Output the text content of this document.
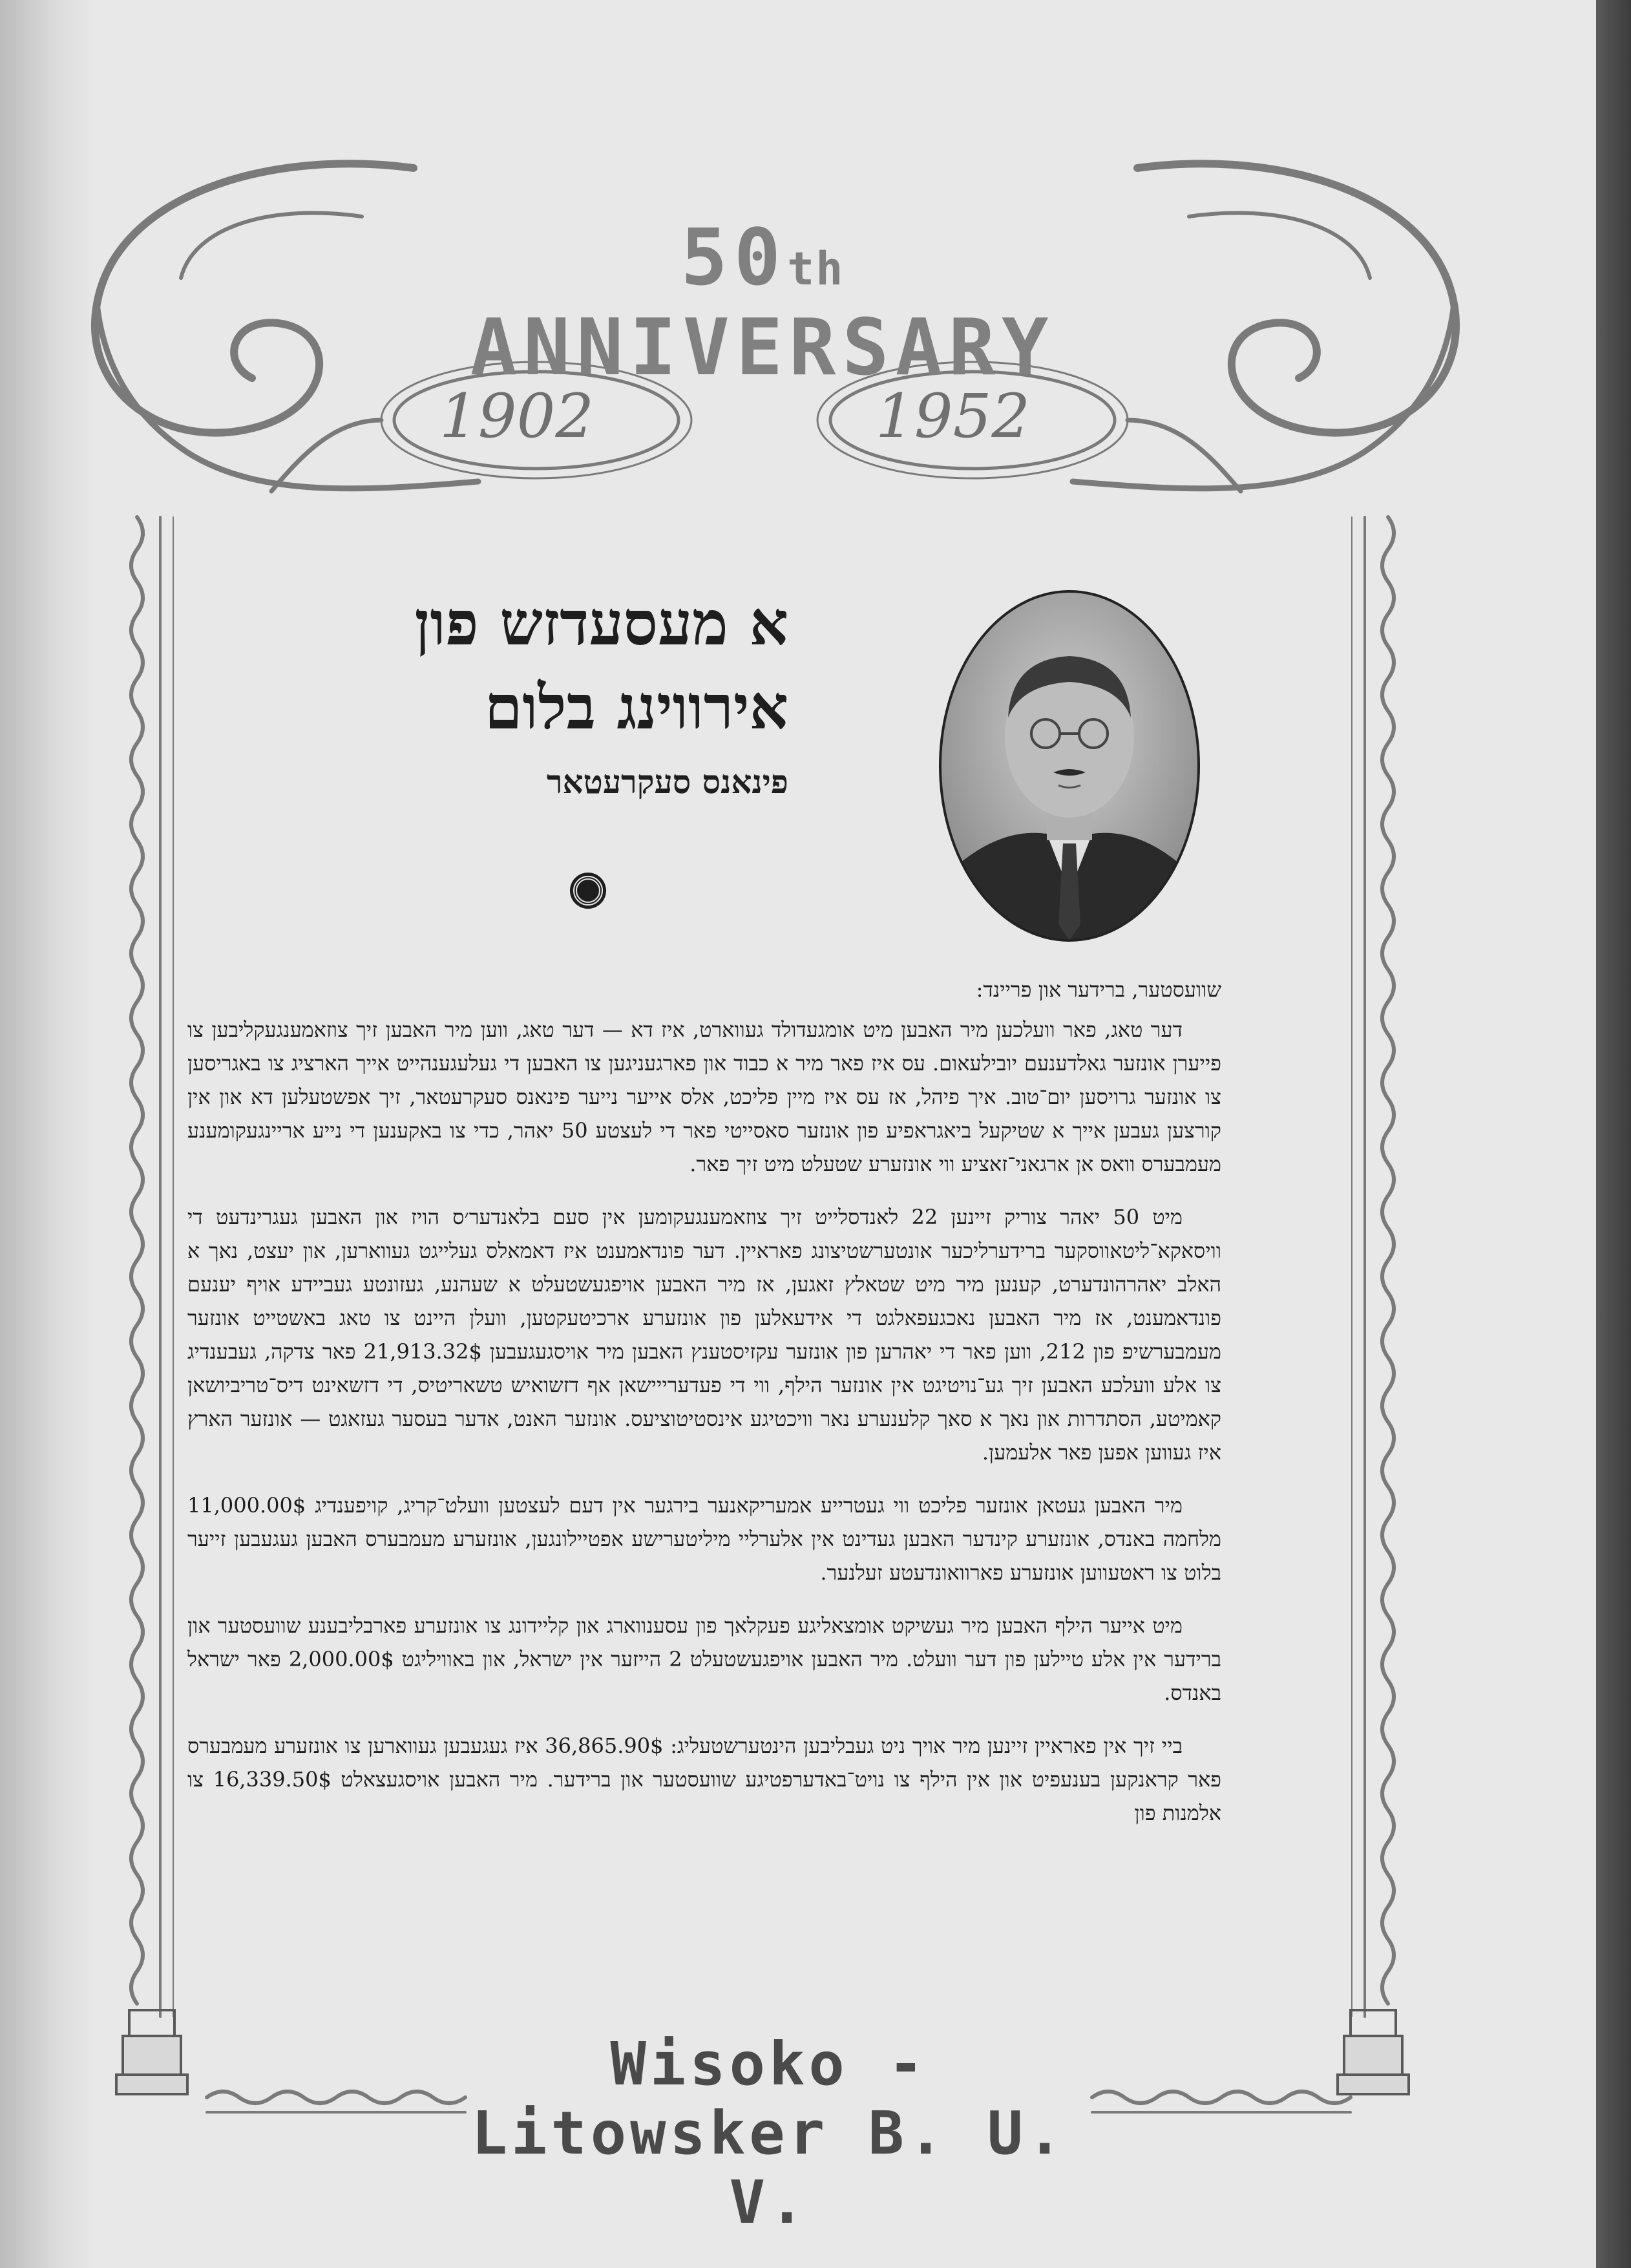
50th ANNIVERSARY
1902	1952
א מעסעדזש פון
אירווינג בלום
פינאנס סעקרעטאר

שוועסטער, ברידער און פריינד:

דער טאג, פאר וועלכען מיר האבען מיט אומגעדולד געווארט, איז דא — דער טאג, ווען מיר האבען זיך צוזאמענגעקליבען צו פייערן אונזער גאלדענעם יובילעאום. עס איז פאר מיר א כבוד און פארגעניגען צו האבען די געלעגענהייט אייך הארציג צו באגריסען צו אונזער גרויסען יום־טוב. איך פיהל, אז עס איז מיין פליכט, אלס אייער נייער פינאנס סעקרעטאר, זיך אפשטעלען דא און אין קורצען געבען אייך א שטיקעל ביאגראפיע פון אונזער סאסייטי פאר די לעצטע 50 יאהר, כדי צו באקענען די נייע אריינגעקומענע מעמבערס וואס אן ארגאני־זאציע ווי אונזערע שטעלט מיט זיך פאר.

מיט 50 יאהר צוריק זיינען 22 לאנדסלייט זיך צוזאמענגעקומען אין סעם בלאנדער׳ס הויז און האבען געגרינדעט די וויסאקא־ליטאווסקער ברידערליכער אונטערשטיצונג פאראיין. דער פונדאמענט איז דאמאלס געלייגט געווארען, און יעצט, נאך א האלב יאהרהונדערט, קענען מיר מיט שטאלץ זאגען, אז מיר האבען אויפגעשטעלט א שעהנע, געזונטע געביידע אויף יענעם פונדאמענט, אז מיר האבען נאכגעפאלגט די אידעאלען פון אונזערע ארכיטעקטען, וועלן היינט צו טאג באשטייט אונזער מעמבערשיפ פון 212, ווען פאר די יאהרען פון אונזער עקזיסטענץ האבען מיר אויסגעגעבען 21,913.32$ פאר צדקה, געבענדיג צו אלע וועלכע האבען זיך גע־נויטיגט אין אונזער הילף, ווי די פעדערייישאן אף דזשואיש טשאריטיס, די דזשאינט דיס־טריביושאן קאמיטע, הסתדרות און נאך א סאך קלענערע נאר וויכטיגע אינסטיטוציעס. אונזער האנט, אדער בעסער געזאגט — אונזער הארץ איז געווען אפען פאר אלעמען.

מיר האבען געטאן אונזער פליכט ווי געטרייע אמעריקאנער בירגער אין דעם לעצטען וועלט־קריג, קויפענדיג 11,000.00$ מלחמה באנדס, אונזערע קינדער האבען געדינט אין אלערליי מיליטערישע אפטיילונגען, אונזערע מעמבערס האבען געגעבען זייער בלוט צו ראטעווען אונזערע פארוואונדעטע זעלנער.

מיט אייער הילף האבען מיר געשיקט אומצאליגע פעקלאך פון עסענווארג און קליידונג צו אונזערע פארבליבענע שוועסטער און ברידער אין אלע טיילען פון דער וועלט. מיר האבען אויפגעשטעלט 2 הייזער אין ישראל, און באוויליגט 2,000.00$ פאר ישראל באנדס.

ביי זיך אין פאראיין זיינען מיר אויך ניט געבליבען הינטערשטעליג: 36,865.90$ איז געגעבען געווארען צו אונזערע מעמבערס פאר קראנקען בענעפיט און אין הילף צו נויט־באדערפטיגע שוועסטער און ברידער. מיר האבען אויסגעצאלט 16,339.50$ צו אלמנות פון

Wisoko - Litowsker B. U. V.
